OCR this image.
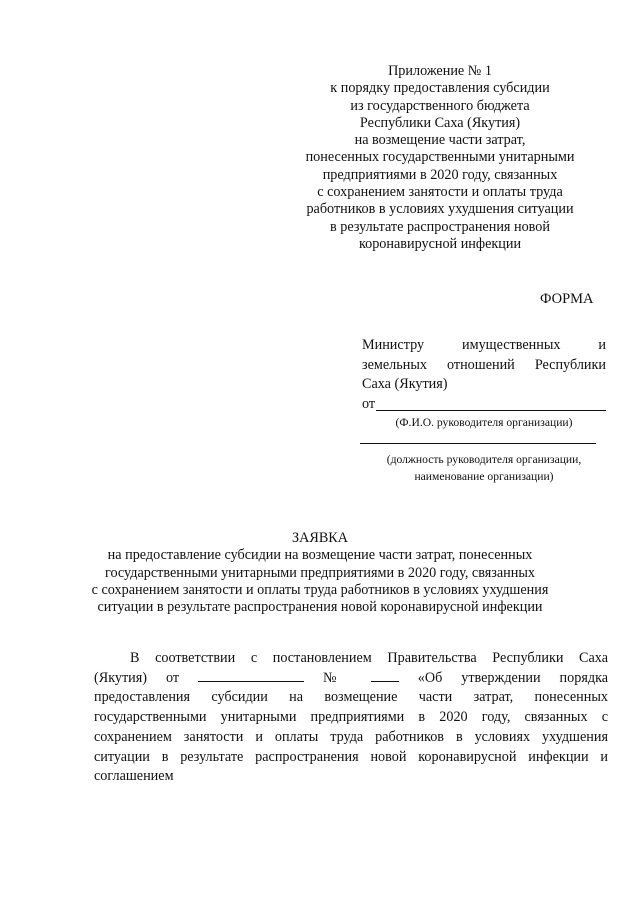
Приложение № 1
к порядку предоставления субсидии
из государственного бюджета
Республики Саха (Якутия)
на возмещение части затрат,
понесенных государственными унитарными
предприятиями в 2020 году, связанных
с сохранением занятости и оплаты труда
работников в условиях ухудшения ситуации
в результате распространения новой
коронавирусной инфекции
ФОРМА
Министру имущественных и
земельных отношений Республики
Саха (Якутия)
от
(Ф.И.О. руководителя организации)
(должность руководителя организации,
наименование организации)
ЗАЯВКА
на предоставление субсидии на возмещение части затрат, понесенных
государственными унитарными предприятиями в 2020 году, связанных
с сохранением занятости и оплаты труда работников в условиях ухудшения
ситуации в результате распространения новой коронавирусной инфекции
В соответствии с постановлением Правительства Республики Саха
(Якутия) от	№	«Об утверждении порядка
предоставления субсидии на возмещение части затрат, понесенных
государственными унитарными предприятиями в 2020 году, связанных с
сохранением занятости и оплаты труда работников в условиях ухудшения
ситуации в результате распространения новой коронавирусной инфекции и
соглашением
